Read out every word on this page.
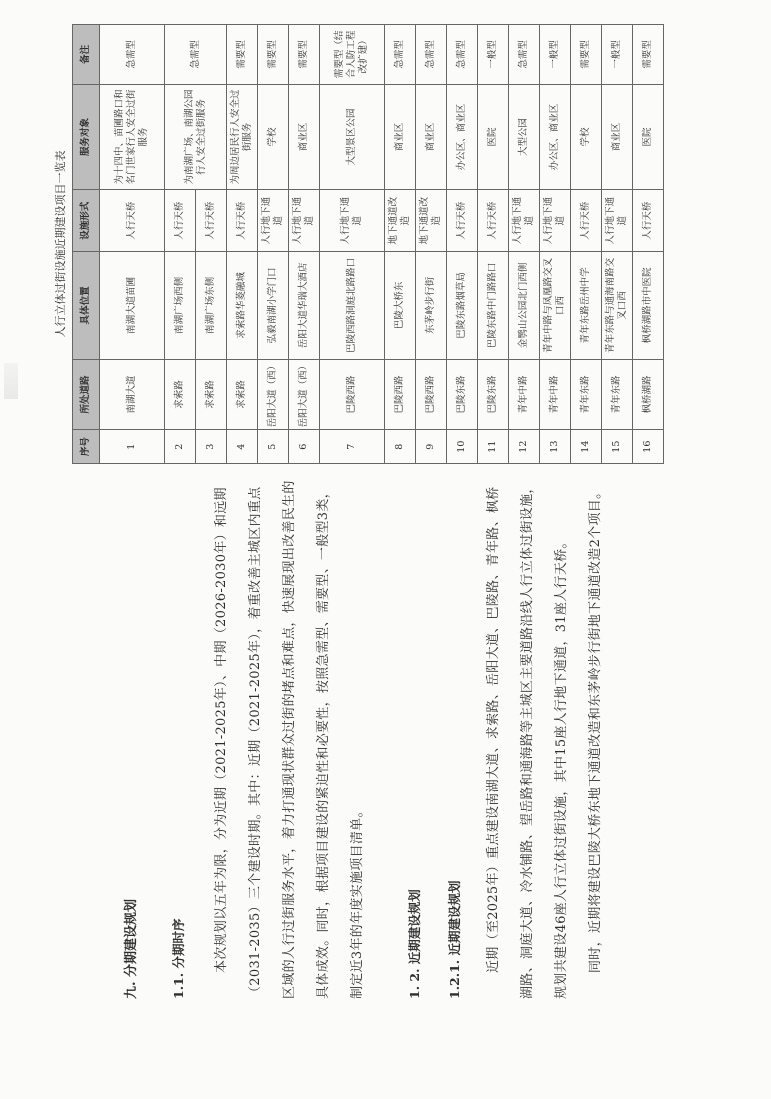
九. 分期建设规划	1.1. 分期时序	本次规划以五年为限，分为近期（2021-2025年）、中期（2026-2030年）和远期（2031-2035）三个建设时期。其中：近期（2021-2025年），着重改善主城区内重点区域的人行过街服务水平，着力打通现状群众过街的堵点和难点，快速展现出改善民生的具体成效。同时，根据项目建设的紧迫性和必要性，按照急需型、需要型、一般型3类，制定近3年的年度实施项目清单。	1. 2. 近期建设规划 1.2.1. 近期建设规划	近期（至2025年）重点建设南湖大道、求索路、岳阳大道、巴陵路、青年路、枫桥湖路、洞庭大道、冷水铺路、望岳路和通海路等主城区主要道路沿线人行立体过街设施，规划共建设46座人行立体过街设施，其中15座人行地下通道，31座人行天桥。	同时，近期将建设巴陵大桥东地下通道改造和东茅岭步行街地下通道改造2个项目。

人行立体过街设施近期建设项目一览表
序号	所处道路	具体位置	设施形式	服务对象	备注
1	南湖大道	南湖大道苗圃	人行天桥	为十四中、苗圃路口和名门世家行人安全过街服务	急需型
2	求索路	南湖广场西侧	人行天桥	为南湖广场、南湖公园行人安全过街服务	急需型
3	求索路	南湖广场东侧	人行天桥		
4	求索路	求索路华菱融城	人行天桥	为周边居民行人安全过街服务	需要型
5	岳阳大道（西）	弘毅南湖小学门口	人行地下通道	学校	需要型
6	岳阳大道（西）	岳阳大道华瑞大酒店	人行地下通道	商业区	需要型
7	巴陵西路	巴陵西路洞庭北路路口	人行地下通道	大型景区公园	需要型（结合人防工程改扩建）
8	巴陵西路	巴陵大桥东	地下通道改造	商业区	急需型
9	巴陵西路	东茅岭步行街	地下通道改造	商业区	急需型
10	巴陵东路	巴陵东路烟草局	人行天桥	办公区、商业区	急需型
11	巴陵东路	巴陵东路中门路路口	人行天桥	医院	一般型
12	青年中路	金鹗山公园北门西侧	人行地下通道	大型公园	急需型
13	青年中路	青年中路与凤凰路交叉口西	人行地下通道	办公区、商业区	一般型
14	青年东路	青年东路岳州中学	人行天桥	学校	需要型
15	青年东路	青年东路与通海南路交叉口西	人行地下通道	商业区	一般型
16	枫桥湖路	枫桥湖路市中医院	人行天桥	医院	需要型
